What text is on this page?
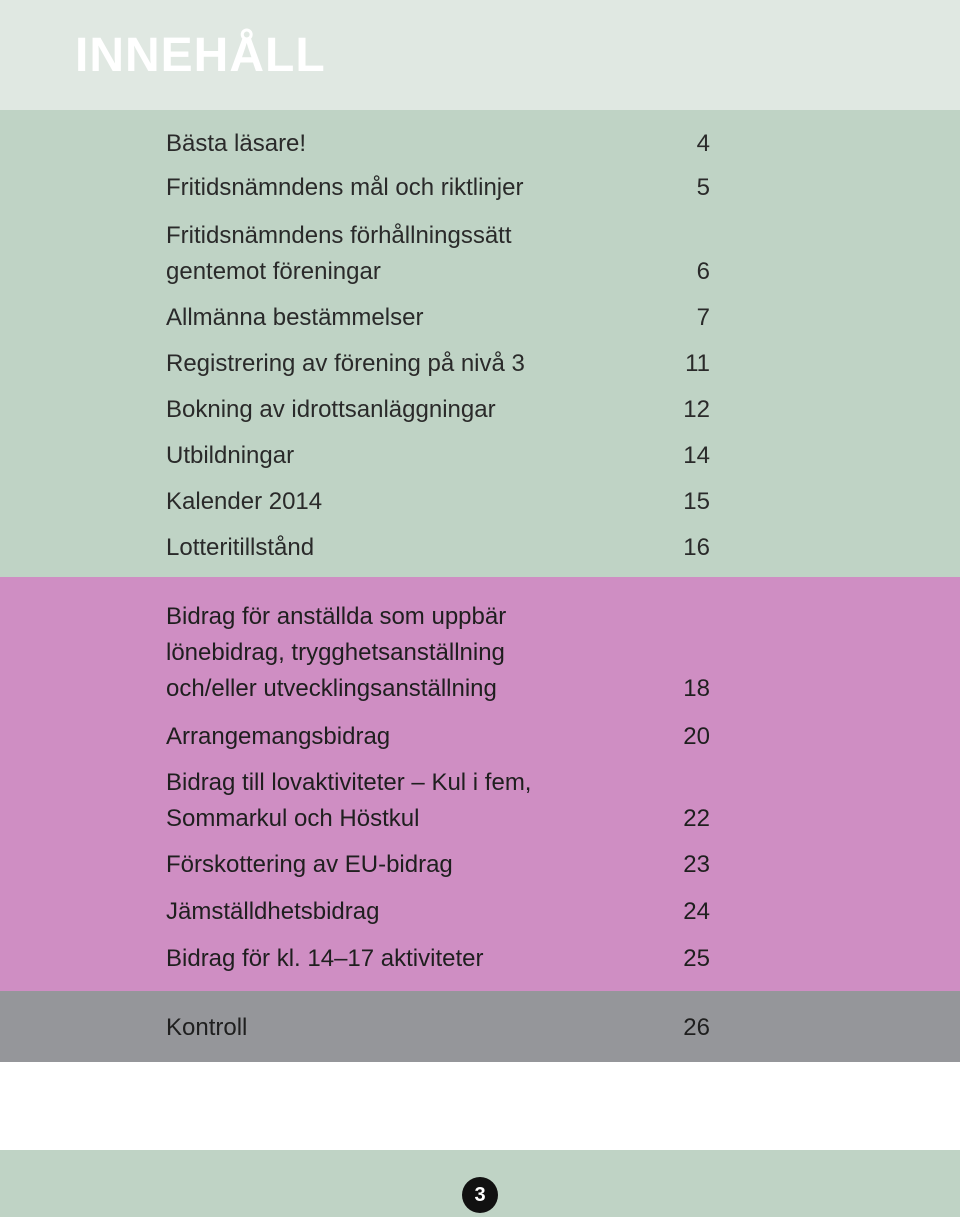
INNEHÅLL
Bästa läsare!	4
Fritidsnämndens mål och riktlinjer	5
Fritidsnämndens förhållningssätt gentemot föreningar	6
Allmänna bestämmelser	7
Registrering av förening på nivå 3	11
Bokning av idrottsanläggningar	12
Utbildningar	14
Kalender 2014	15
Lotteritillstånd	16
Bidrag för anställda som uppbär lönebidrag, trygghetsanställning och/eller utvecklingsanställning	18
Arrangemangsbidrag	20
Bidrag till lovaktiviteter – Kul i fem, Sommarkul och Höstkul	22
Förskottering av EU-bidrag	23
Jämställdhetsbidrag	24
Bidrag för kl. 14–17 aktiviteter	25
Kontroll	26
3
